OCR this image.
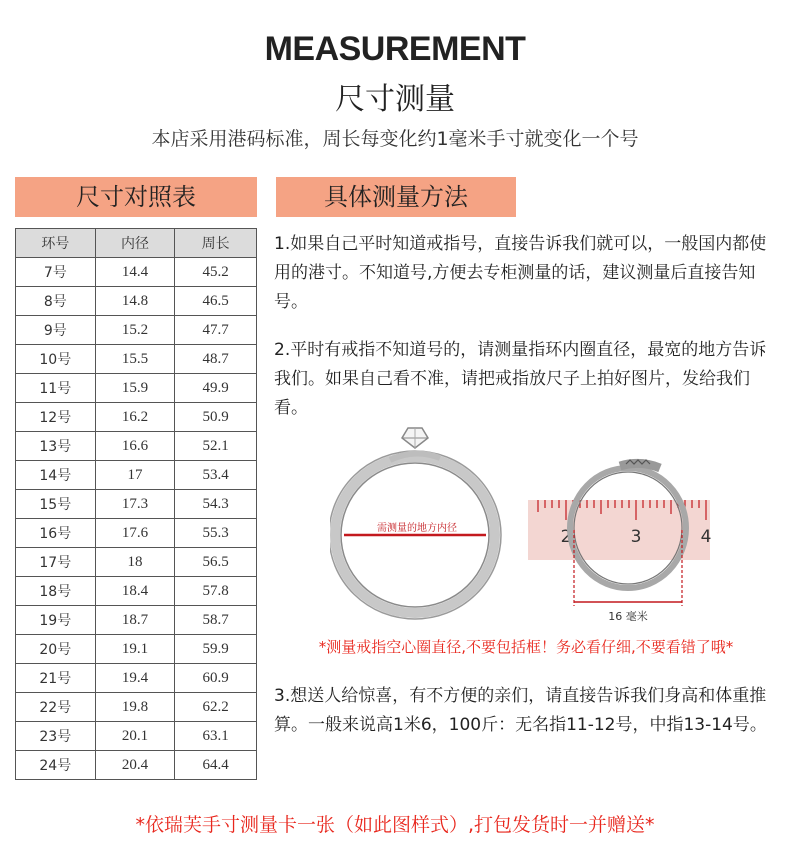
MEASUREMENT
尺寸测量
本店采用港码标准，周长每变化约1毫米手寸就变化一个号
尺寸对照表	具体测量方法
环号	内径	周长
7号	14.4	45.2
8号	14.8	46.5
9号	15.2	47.7
10号	15.5	48.7
11号	15.9	49.9
12号	16.2	50.9
13号	16.6	52.1
14号	17	53.4
15号	17.3	54.3
16号	17.6	55.3
17号	18	56.5
18号	18.4	57.8
19号	18.7	58.7
20号	19.1	59.9
21号	19.4	60.9
22号	19.8	62.2
23号	20.1	63.1
24号	20.4	64.4
1.如果自己平时知道戒指号，直接告诉我们就可以，一般国内都使用的港寸。不知道号,方便去专柜测量的话，建议测量后直接告知号。
2.平时有戒指不知道号的，请测量指环内圈直径，最宽的地方告诉我们。如果自己看不准，请把戒指放尺子上拍好图片，发给我们看。
需测量的地方内径	2	3	4
16 毫米
*测量戒指空心圈直径,不要包括框！务必看仔细,不要看错了哦*
3.想送人给惊喜，有不方便的亲们，请直接告诉我们身高和体重推算。一般来说高1米6，100斤：无名指11-12号，中指13-14号。
*依瑞芙手寸测量卡一张（如此图样式）,打包发货时一并赠送*
